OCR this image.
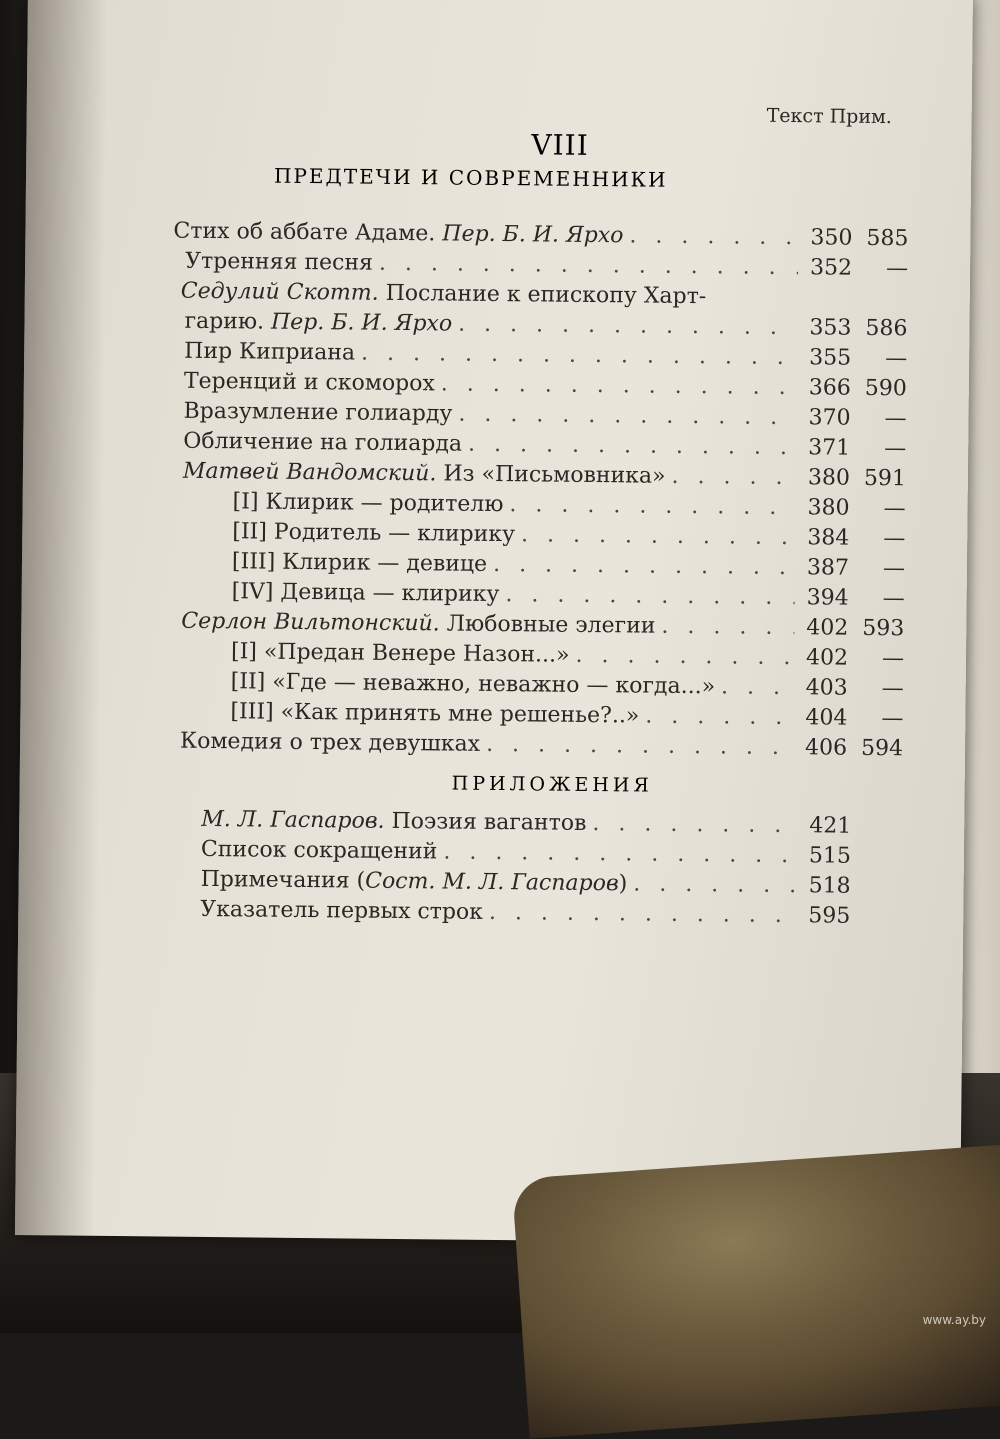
Текст Прим.
VIII
ПРЕДТЕЧИ И СОВРЕМЕННИКИ
Стих об аббате Адаме. Пер. Б. И. Ярхо . . .	350 585
Утренняя песня . . .	352	—
Седулий Скотт. Послание к епископу Харт-
гарию. Пер. Б. И. Ярхо . . .	353 586
Пир Киприана . . .	355	—
Теренций и скоморох . . .	366 590
Вразумление голиарду . . .	370	—
Обличение на голиарда . . .	371	—
Матвей Вандомский. Из «Письмовника» . . .	380 591
[I] Клирик — родителю . . .	380	—
[II] Родитель — клирику . . .	384	—
[III] Клирик — девице . . .	387	—
[IV] Девица — клирику . . .	394	—
Серлон Вильтонский. Любовные элегии . . .	402 593
[I] «Предан Венере Назон...» . . .	402	—
[II] «Где — неважно, неважно — когда...» . . .	403	—
[III] «Как принять мне решенье?..» . . .	404	—
Комедия о трех девушках . . .	406 594
ПРИЛОЖЕНИЯ
М. Л. Гаспаров. Поэзия вагантов . . .	421
Список сокращений . . .	515
Примечания (Сост. М. Л. Гаспаров) . . .	518
Указатель первых строк . . .	595
www.ay.by
